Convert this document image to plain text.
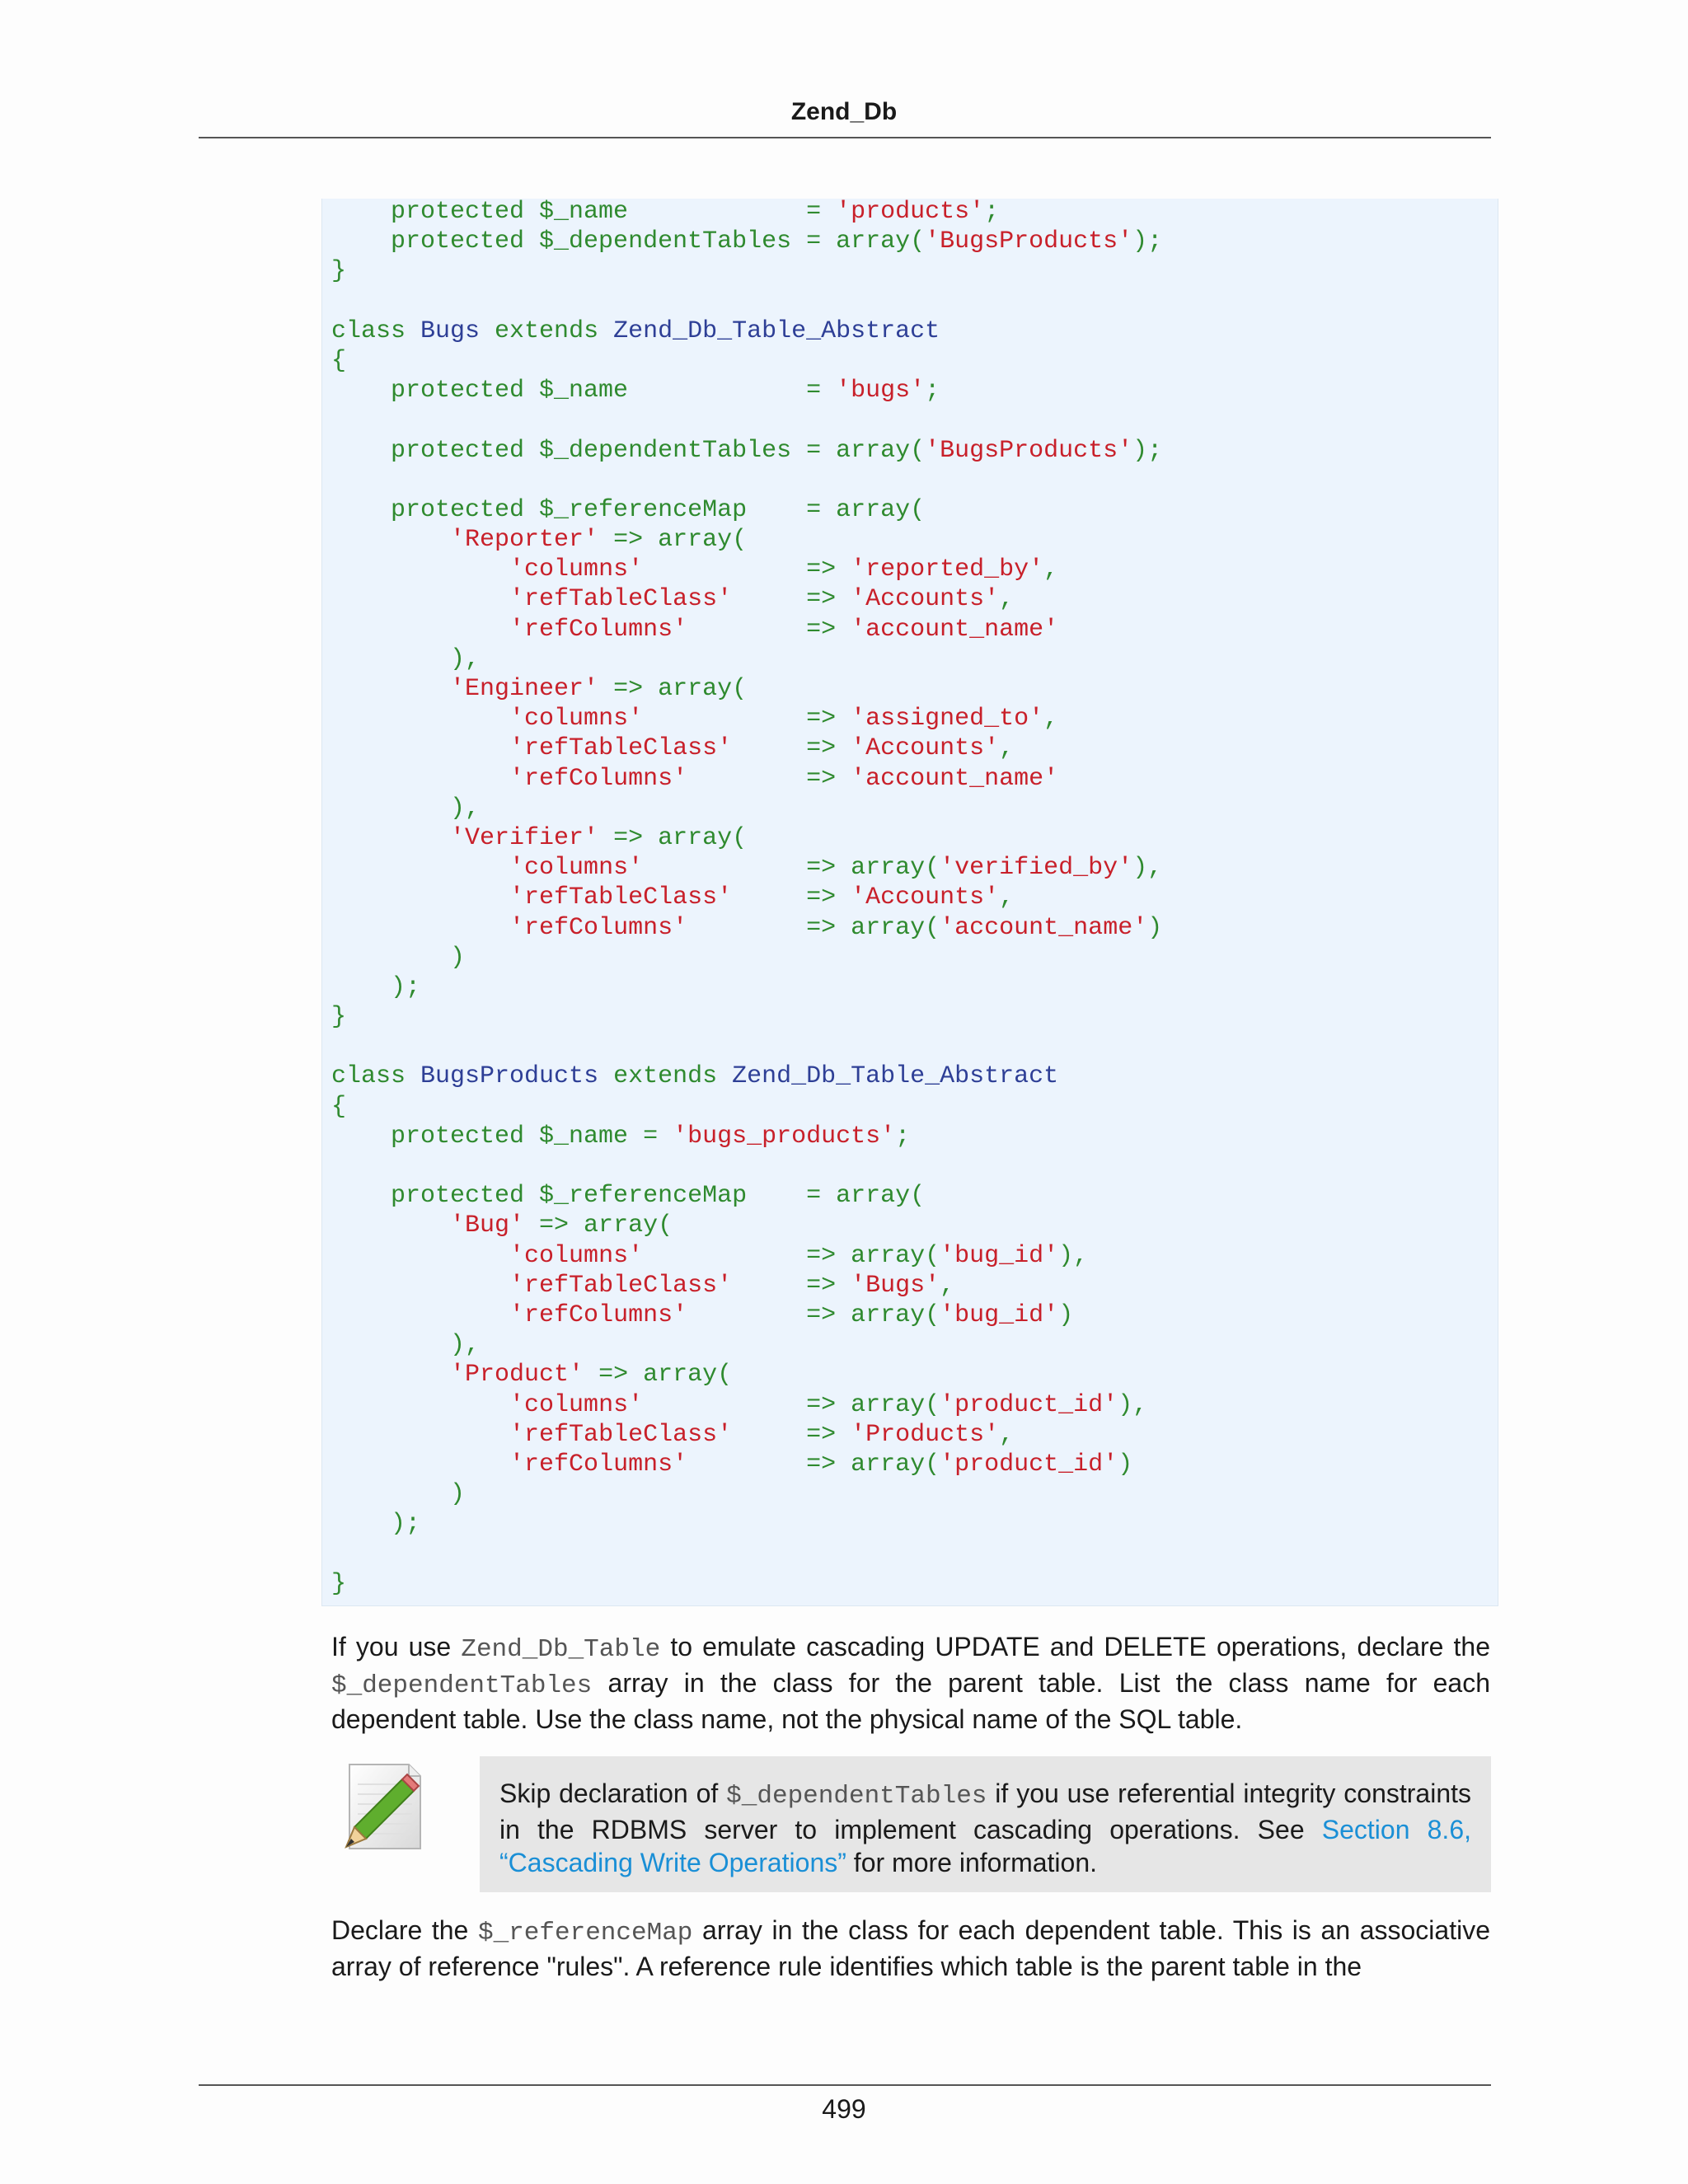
Zend_Db
protected $_name            = 'products';
protected $_dependentTables = array('BugsProducts');
}
class Bugs extends Zend_Db_Table_Abstract
{
protected $_name            = 'bugs';
protected $_dependentTables = array('BugsProducts');
protected $_referenceMap    = array(
'Reporter' => array(
'columns'           => 'reported_by',
'refTableClass'     => 'Accounts',
'refColumns'        => 'account_name'
),
'Engineer' => array(
'columns'           => 'assigned_to',
'refTableClass'     => 'Accounts',
'refColumns'        => 'account_name'
),
'Verifier' => array(
'columns'           => array('verified_by'),
'refTableClass'     => 'Accounts',
'refColumns'        => array('account_name')
)
);
}
class BugsProducts extends Zend_Db_Table_Abstract
{
protected $_name = 'bugs_products';
protected $_referenceMap    = array(
'Bug' => array(
'columns'           => array('bug_id'),
'refTableClass'     => 'Bugs',
'refColumns'        => array('bug_id')
),
'Product' => array(
'columns'           => array('product_id'),
'refTableClass'     => 'Products',
'refColumns'        => array('product_id')
)
);
}

If you use Zend_Db_Table to emulate cascading UPDATE and DELETE operations, declare the $_dependentTables array in the class for the parent table. List the class name for each dependent table. Use the class name, not the physical name of the SQL table.

Skip declaration of $_dependentTables if you use referential integrity constraints in the RDBMS server to implement cascading operations. See Section 8.6, “Cascading Write Operations” for more information.

Declare the $_referenceMap array in the class for each dependent table. This is an associative array of reference "rules". A reference rule identifies which table is the parent table in the

499
